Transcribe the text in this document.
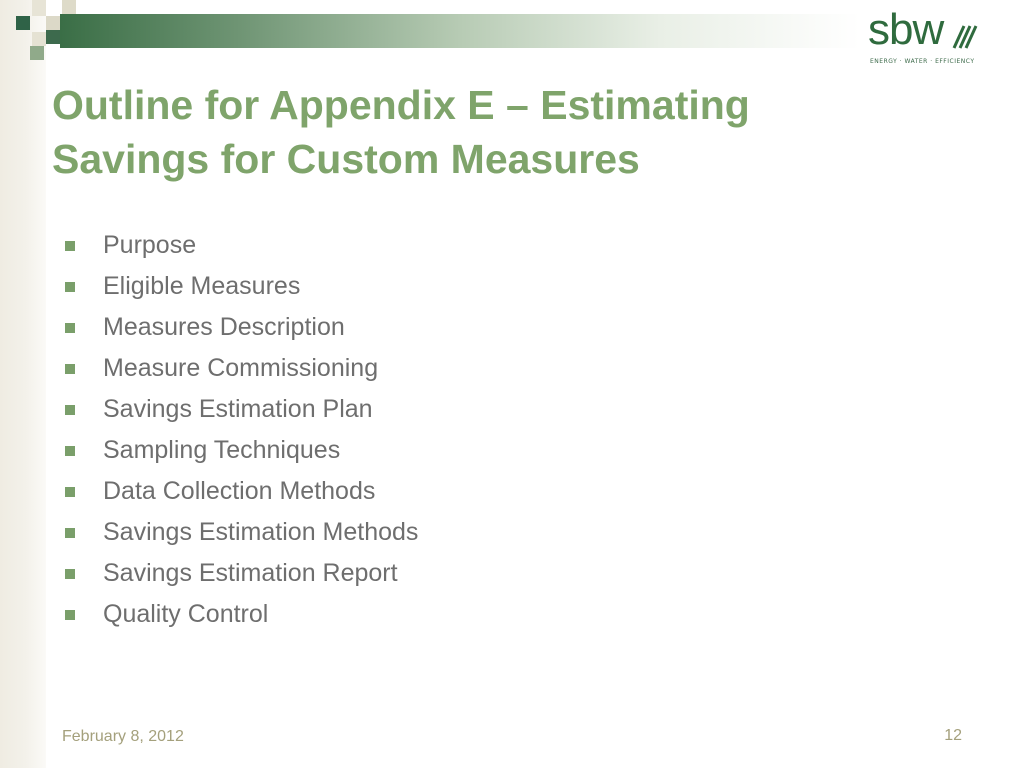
sbw
ENERGY · WATER · EFFICIENCY
Outline for Appendix E – Estimating Savings for Custom Measures
Purpose
Eligible Measures
Measures Description
Measure Commissioning
Savings Estimation Plan
Sampling Techniques
Data Collection Methods
Savings Estimation Methods
Savings Estimation Report
Quality Control
February 8, 2012	12
